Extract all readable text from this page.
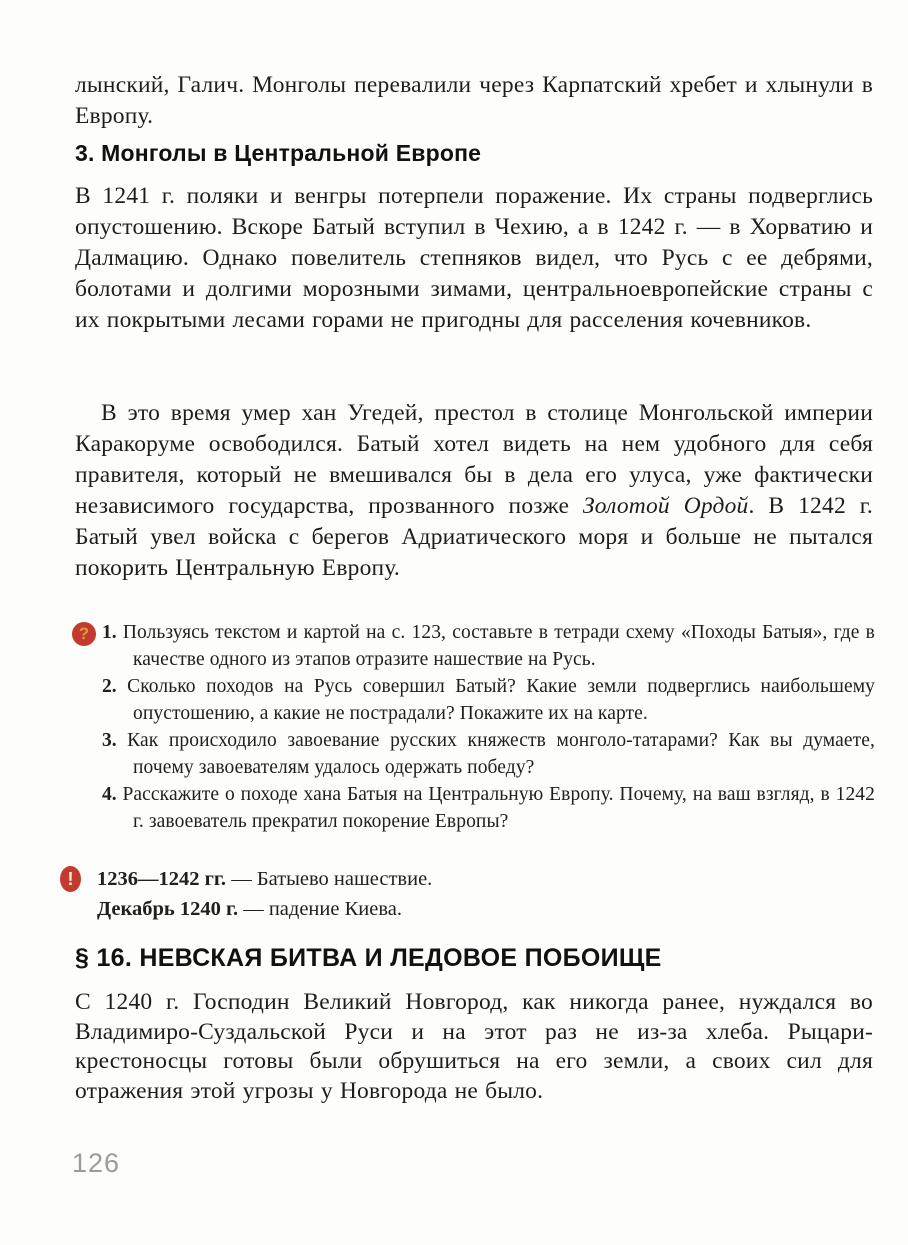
лынский, Галич. Монголы перевалили через Карпатский хребет и хлынули в Европу.

3. Монголы в Центральной Европе

В 1241 г. поляки и венгры потерпели поражение. Их страны подверглись опустошению. Вскоре Батый вступил в Чехию, а в 1242 г. — в Хорватию и Далмацию. Однако повелитель степняков видел, что Русь с ее дебрями, болотами и долгими морозными зимами, центральноевропейские страны с их покрытыми лесами горами не пригодны для расселения кочевников.

В это время умер хан Угедей, престол в столице Монгольской империи Каракоруме освободился. Батый хотел видеть на нем удобного для себя правителя, который не вмешивался бы в дела его улуса, уже фактически независимого государства, прозванного позже Золотой Ордой. В 1242 г. Батый увел войска с берегов Адриатического моря и больше не пытался покорить Центральную Европу.

? 1. Пользуясь текстом и картой на с. 123, составьте в тетради схему «Походы Батыя», где в качестве одного из этапов отразите нашествие на Русь.
2. Сколько походов на Русь совершил Батый? Какие земли подверглись наибольшему опустошению, а какие не пострадали? Покажите их на карте.
3. Как происходило завоевание русских княжеств монголо-татарами? Как вы думаете, почему завоевателям удалось одержать победу?
4. Расскажите о походе хана Батыя на Центральную Европу. Почему, на ваш взгляд, в 1242 г. завоеватель прекратил покорение Европы?
!	1236—1242 гг. — Батыево нашествие.
Декабрь 1240 г. — падение Киева.
§ 16. НЕВСКАЯ БИТВА И ЛЕДОВОЕ ПОБОИЩЕ

С 1240 г. Господин Великий Новгород, как никогда ранее, нуждался во Владимиро-Суздальской Руси и на этот раз не из-за хлеба. Рыцари-крестоносцы готовы были обрушиться на его земли, а своих сил для отражения этой угрозы у Новгорода не было.

126
